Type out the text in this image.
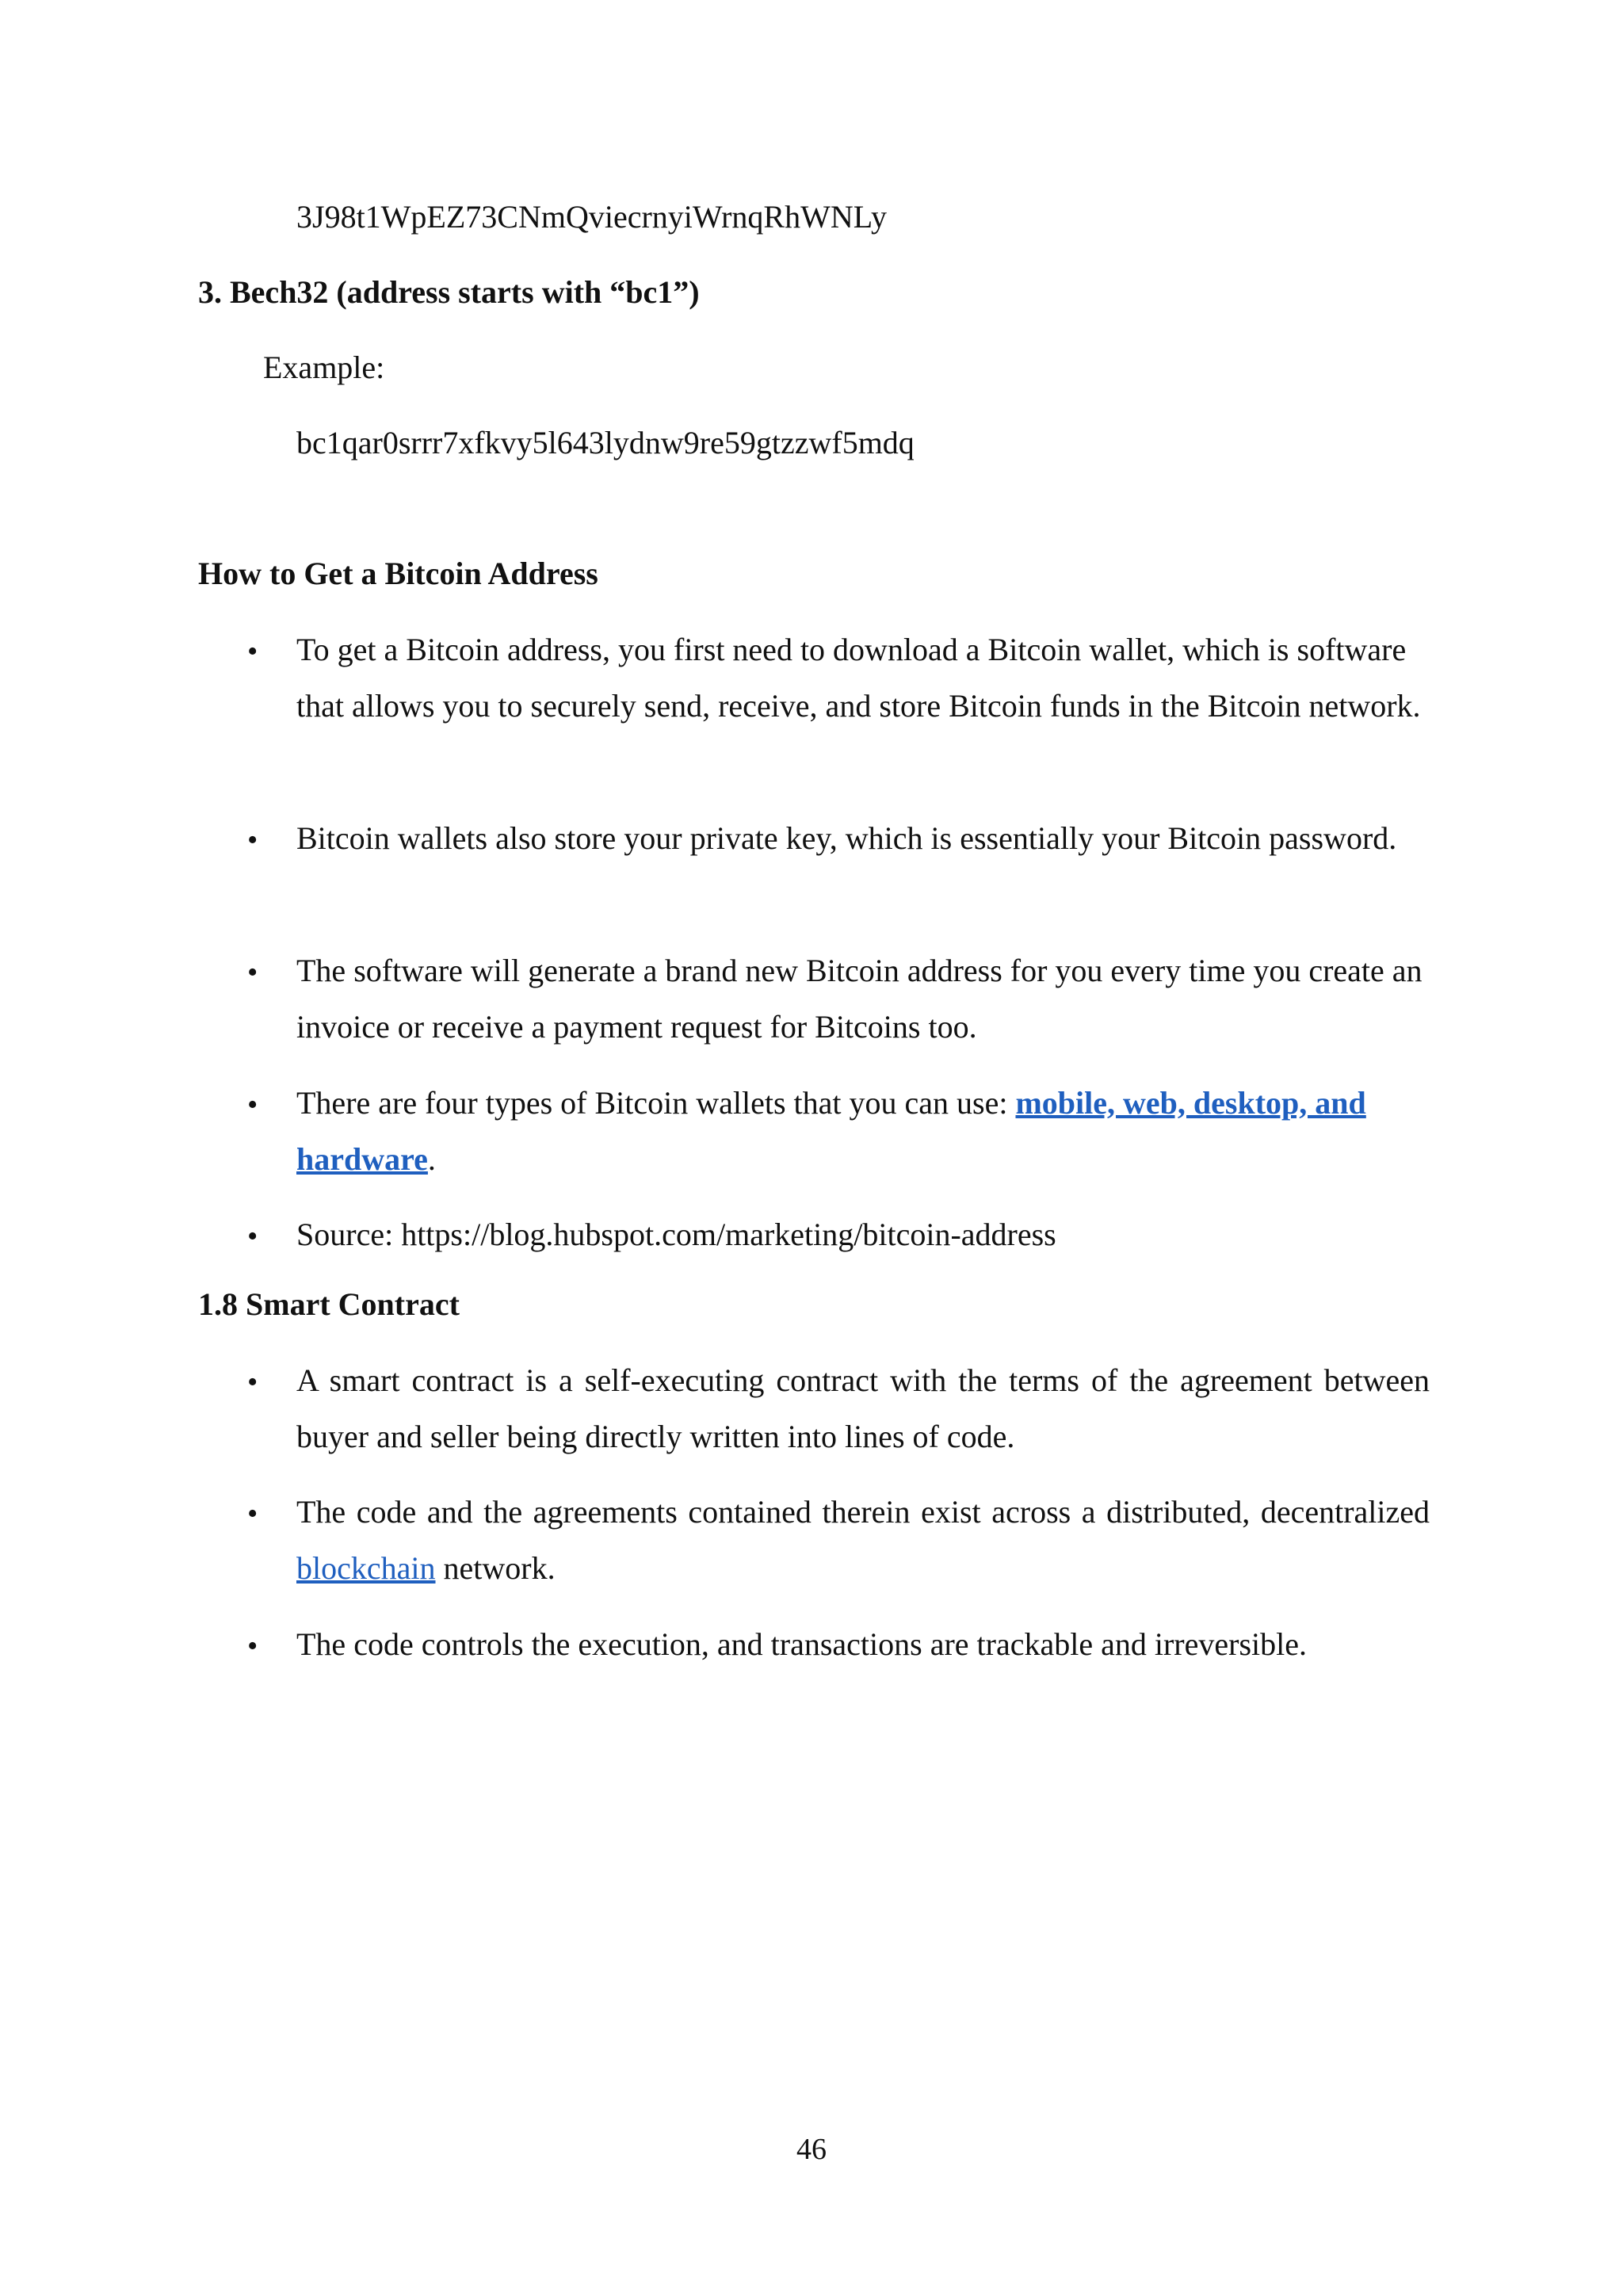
3J98t1WpEZ73CNmQviecrnyiWrnqRhWNLy
3. Bech32 (address starts with “bc1”)
Example:
bc1qar0srrr7xfkvy5l643lydnw9re59gtzzwf5mdq
How to Get a Bitcoin Address
• To get a Bitcoin address, you first need to download a Bitcoin wallet, which is software that allows you to securely send, receive, and store Bitcoin funds in the Bitcoin network.
• Bitcoin wallets also store your private key, which is essentially your Bitcoin password.
• The software will generate a brand new Bitcoin address for you every time you create an invoice or receive a payment request for Bitcoins too.
• There are four types of Bitcoin wallets that you can use: mobile, web, desktop, and hardware.
• Source: https://blog.hubspot.com/marketing/bitcoin-address
1.8 Smart Contract
• A smart contract is a self-executing contract with the terms of the agreement between buyer and seller being directly written into lines of code.
• The code and the agreements contained therein exist across a distributed, decentralized blockchain network.
• The code controls the execution, and transactions are trackable and irreversible.
46
